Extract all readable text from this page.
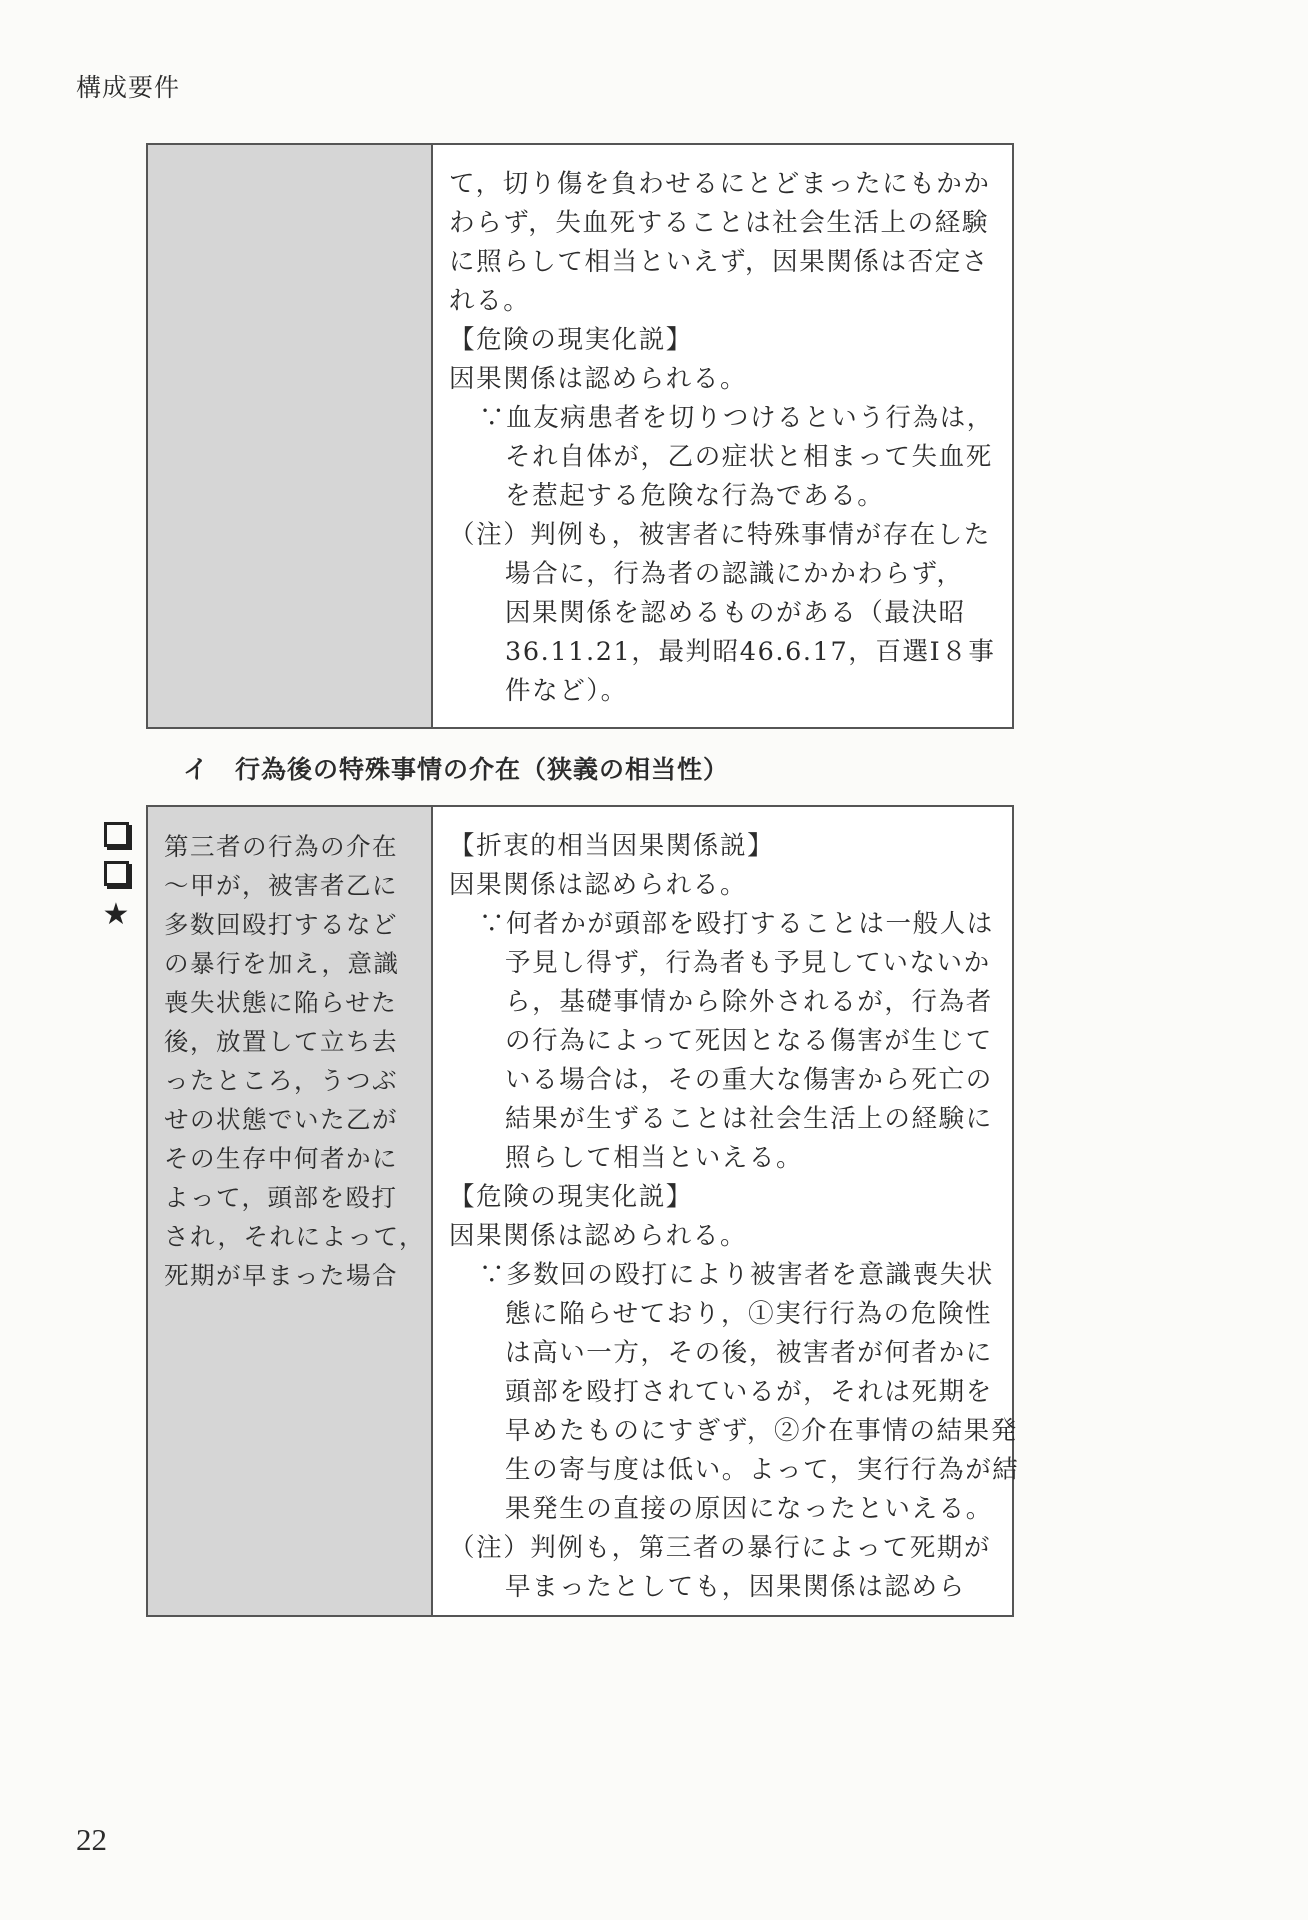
構成要件
て，切り傷を負わせるにとどまったにもかか
わらず，失血死することは社会生活上の経験
に照らして相当といえず，因果関係は否定さ
れる。
【危険の現実化説】
因果関係は認められる。
∵血友病患者を切りつけるという行為は，
それ自体が，乙の症状と相まって失血死
を惹起する危険な行為である。
（注）判例も，被害者に特殊事情が存在した
場合に，行為者の認識にかかわらず，
因果関係を認めるものがある（最決昭
36.11.21，最判昭46.6.17，百選Ⅰ８事
件など）。
イ　行為後の特殊事情の介在（狭義の相当性）
★
第三者の行為の介在
～甲が，被害者乙に
多数回殴打するなど
の暴行を加え，意識
喪失状態に陥らせた
後，放置して立ち去
ったところ，うつぶ
せの状態でいた乙が
その生存中何者かに
よって，頭部を殴打
され，それによって，
死期が早まった場合
【折衷的相当因果関係説】
因果関係は認められる。
∵何者かが頭部を殴打することは一般人は
予見し得ず，行為者も予見していないか
ら，基礎事情から除外されるが，行為者
の行為によって死因となる傷害が生じて
いる場合は，その重大な傷害から死亡の
結果が生ずることは社会生活上の経験に
照らして相当といえる。
【危険の現実化説】
因果関係は認められる。
∵多数回の殴打により被害者を意識喪失状
態に陥らせており，①実行行為の危険性
は高い一方，その後，被害者が何者かに
頭部を殴打されているが，それは死期を
早めたものにすぎず，②介在事情の結果発
生の寄与度は低い。よって，実行行為が結
果発生の直接の原因になったといえる。
（注）判例も，第三者の暴行によって死期が
早まったとしても，因果関係は認めら
22
